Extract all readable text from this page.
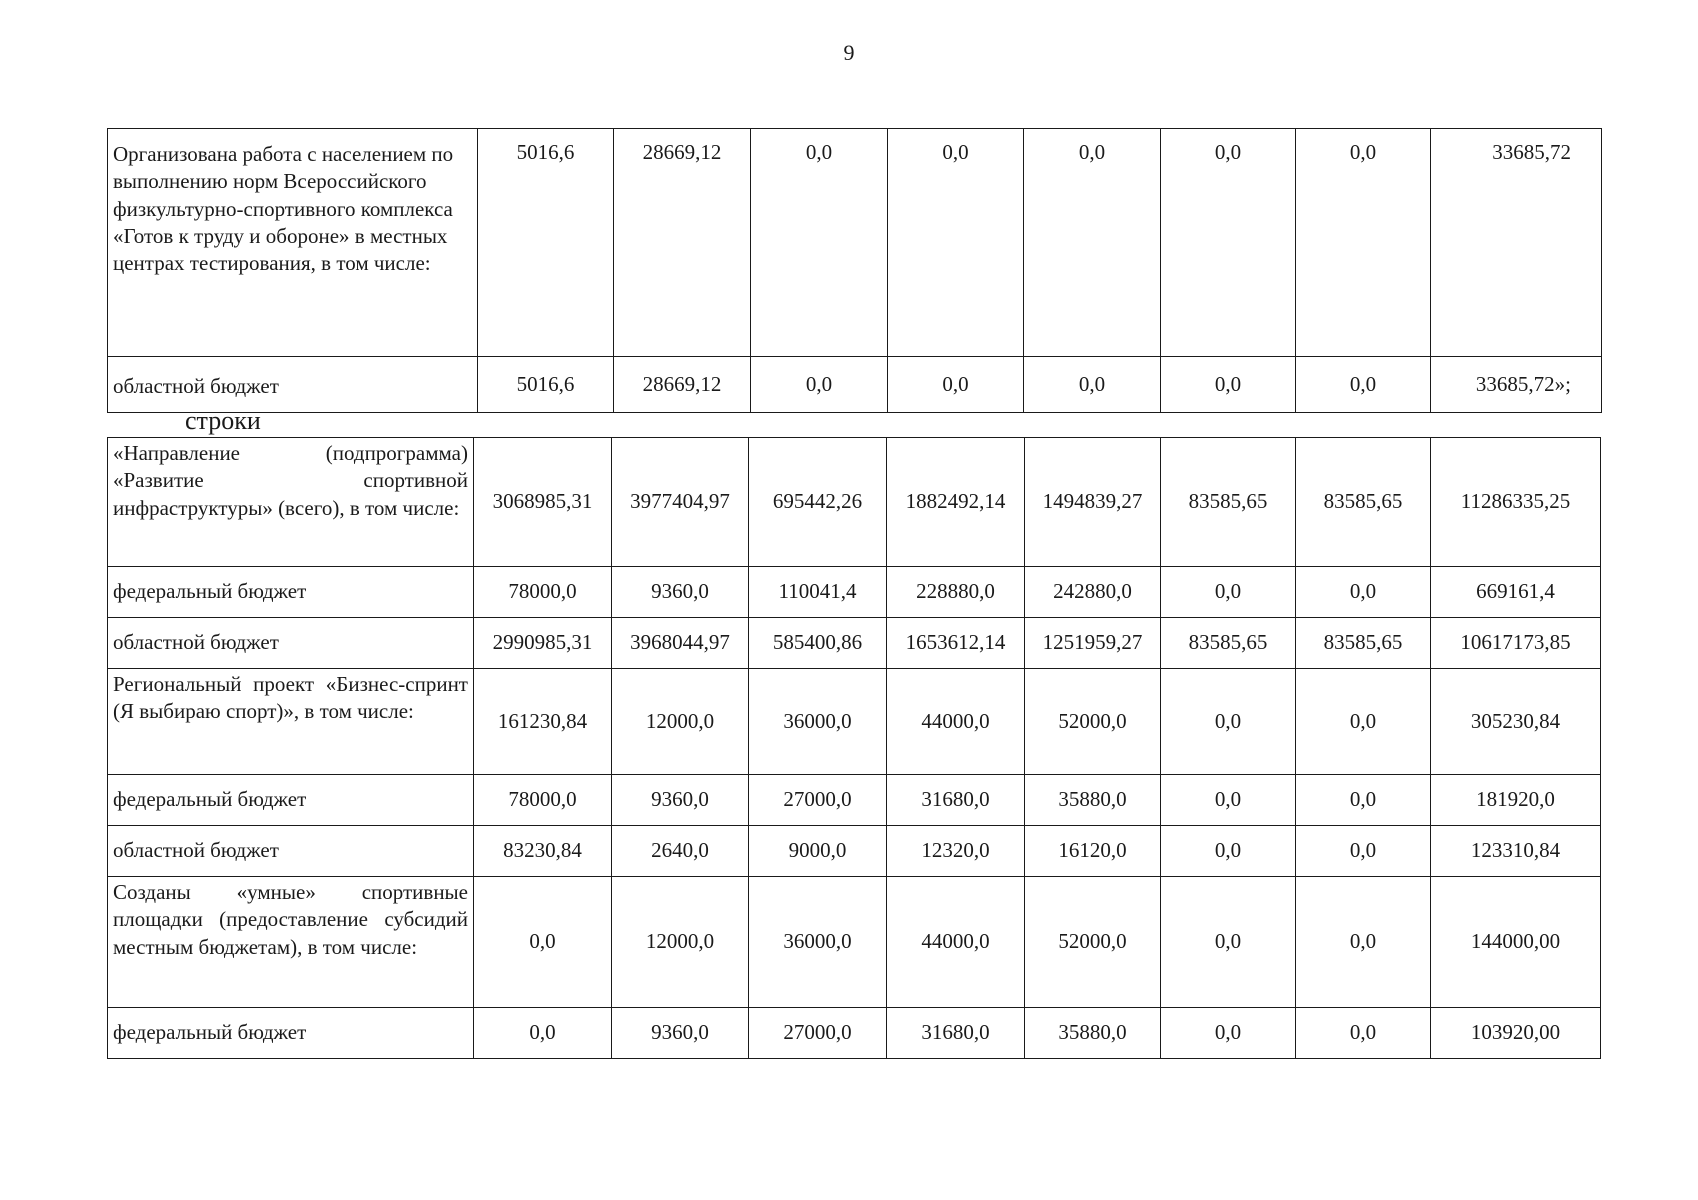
9
Организована работа с населением по выполнению норм Всероссийского физкультурно-спортивного комплекса «Готов к труду и обороне» в местных центрах тестирования, в том числе:	5016,6	28669,12	0,0	0,0	0,0	0,0	0,0	33685,72
областной бюджет	5016,6	28669,12	0,0	0,0	0,0	0,0	0,0	33685,72»;
строки
«Направление (подпрограмма) «Развитие спортивной инфраструктуры» (всего), в том числе:	3068985,31	3977404,97	695442,26	1882492,14	1494839,27	83585,65	83585,65	11286335,25
федеральный бюджет	78000,0	9360,0	110041,4	228880,0	242880,0	0,0	0,0	669161,4
областной бюджет	2990985,31	3968044,97	585400,86	1653612,14	1251959,27	83585,65	83585,65	10617173,85
Региональный проект «Бизнес-спринт (Я выбираю спорт)», в том числе:	161230,84	12000,0	36000,0	44000,0	52000,0	0,0	0,0	305230,84
федеральный бюджет	78000,0	9360,0	27000,0	31680,0	35880,0	0,0	0,0	181920,0
областной бюджет	83230,84	2640,0	9000,0	12320,0	16120,0	0,0	0,0	123310,84
Созданы «умные» спортивные площадки (предоставление субсидий местным бюджетам), в том числе:	0,0	12000,0	36000,0	44000,0	52000,0	0,0	0,0	144000,00
федеральный бюджет	0,0	9360,0	27000,0	31680,0	35880,0	0,0	0,0	103920,00
